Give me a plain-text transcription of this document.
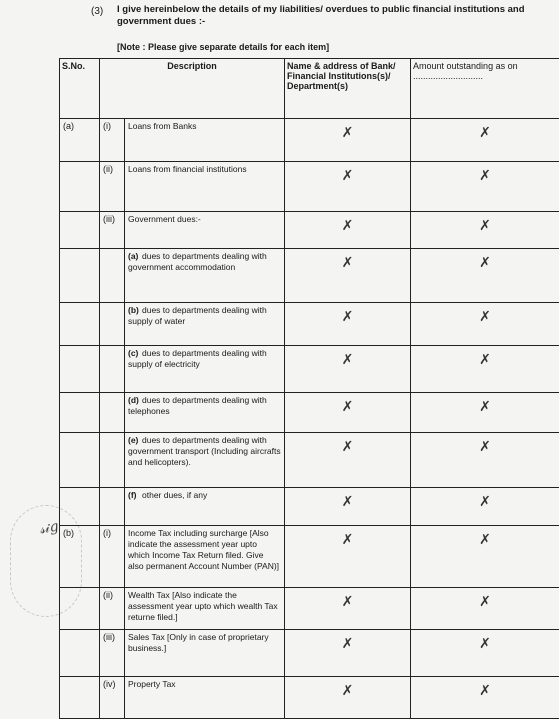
(3) I give hereinbelow the details of my liabilities/ overdues to public financial institutions and government dues :-
[Note : Please give separate details for each item]
𝓈𝒾𝑔
S.No.	Description		Name & address of Bank/ Financial Institutions(s)/ Department(s)	Amount outstanding as on ............................
(a)	(i)	Loans from Banks	✗	✗
	(ii)	Loans from financial institutions	✗	✗
	(iii)	Government dues:-	✗	✗
		(a) dues to departments dealing with government accommodation	✗	✗
		(b) dues to departments dealing with supply of water	✗	✗
		(c) dues to departments dealing with supply of electricity	✗	✗
		(d) dues to departments dealing with telephones	✗	✗
		(e) dues to departments dealing with government transport (Including aircrafts and helicopters).	✗	✗
		(f) other dues, if any	✗	✗
(b)	(i)	Income Tax including surcharge [Also indicate the assessment year upto which Income Tax Return filed. Give also permanent Account Number (PAN)]	✗	✗
	(ii)	Wealth Tax [Also indicate the assessment year upto which wealth Tax returne filed.]	✗	✗
	(iii)	Sales Tax [Only in case of proprietary business.]	✗	✗
	(iv)	Property Tax	✗	✗
